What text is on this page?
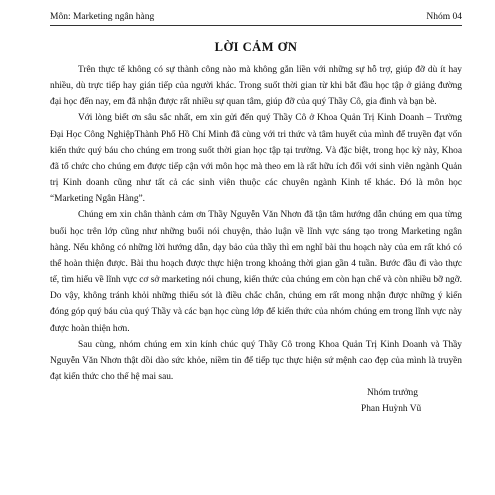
Môn: Marketing ngân hàng	Nhóm 04
LỜI CẢM ƠN

Trên thực tế không có sự thành công nào mà không gắn liền với những sự hỗ trợ, giúp đỡ dù ít hay nhiều, dù trực tiếp hay gián tiếp của người khác. Trong suốt thời gian từ khi bắt đầu học tập ở giảng đường đại học đến nay, em đã nhận được rất nhiều sự quan tâm, giúp đỡ của quý Thầy Cô, gia đình và bạn bè.

Với lòng biết ơn sâu sắc nhất, em xin gửi đến quý Thầy Cô ở Khoa Quản Trị Kinh Doanh – Trường Đại Học Công NghiệpThành Phố Hồ Chí Minh đã cùng với tri thức và tâm huyết của mình để truyền đạt vốn kiến thức quý báu cho chúng em trong suốt thời gian học tập tại trường. Và đặc biệt, trong học kỳ này, Khoa đã tổ chức cho chúng em được tiếp cận với môn học mà theo em là rất hữu ích đối với sinh viên ngành Quản trị Kinh doanh cũng như tất cả các sinh viên thuộc các chuyên ngành Kinh tế khác. Đó là môn học “Marketing Ngân Hàng”.

Chúng em xin chân thành cảm ơn Thầy Nguyễn Văn Nhơn đã tận tâm hướng dẫn chúng em qua từng buổi học trên lớp cũng như những buổi nói chuyện, thảo luận về lĩnh vực sáng tạo trong Marketing ngân hàng. Nếu không có những lời hướng dẫn, dạy bảo của thầy thì em nghĩ bài thu hoạch này của em rất khó có thể hoàn thiện được. Bài thu hoạch được thực hiện trong khoảng thời gian gần 4 tuần. Bước đầu đi vào thực tế, tìm hiểu về lĩnh vực cơ sở marketing nói chung, kiến thức của chúng em còn hạn chế và còn nhiều bỡ ngỡ. Do vậy, không tránh khỏi những thiếu sót là điều chắc chắn, chúng em rất mong nhận được những ý kiến đóng góp quý báu của quý Thầy và các bạn học cùng lớp để kiến thức của nhóm chúng em trong lĩnh vực này được hoàn thiện hơn.

Sau cùng, nhóm chúng em xin kính chúc quý Thầy Cô trong Khoa Quản Trị Kinh Doanh và Thầy Nguyễn Văn Nhơn thật dồi dào sức khỏe, niềm tin để tiếp tục thực hiện sứ mệnh cao đẹp của mình là truyền đạt kiến thức cho thế hệ mai sau.

Nhóm trưởng
Phan Huỳnh Vũ
